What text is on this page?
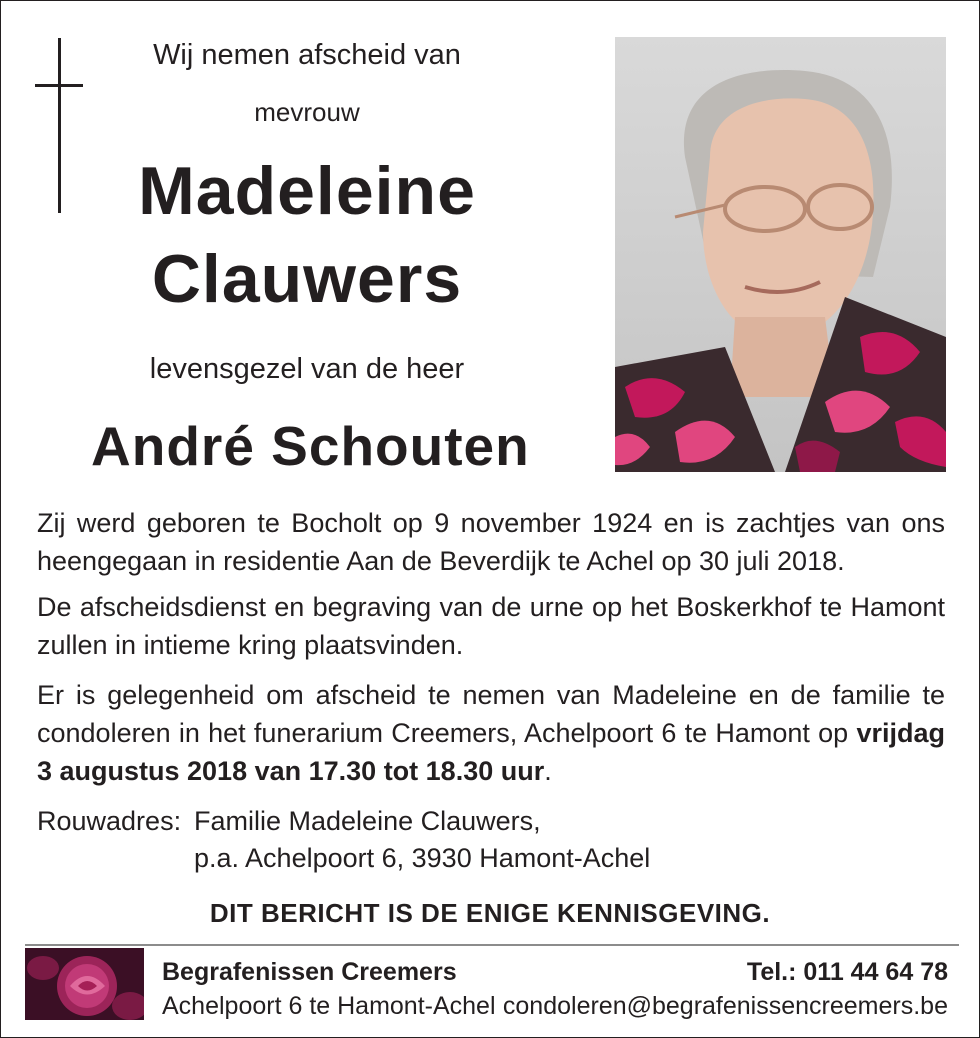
Wij nemen afscheid van
mevrouw
Madeleine
Clauwers
levensgezel van de heer
André Schouten
Zij werd geboren te Bocholt op 9 november 1924 en is zachtjes van ons heengegaan in residentie Aan de Beverdijk te Achel op 30 juli 2018.
De afscheidsdienst en begraving van de urne op het Boskerkhof te Hamont zullen in intieme kring plaatsvinden.
Er is gelegenheid om afscheid te nemen van Madeleine en de familie te condoleren in het funerarium Creemers, Achelpoort 6 te Hamont op vrijdag 3 augustus 2018 van 17.30 tot 18.30 uur.
Rouwadres: Familie Madeleine Clauwers,
p.a. Achelpoort 6, 3930 Hamont-Achel
DIT BERICHT IS DE ENIGE KENNISGEVING.
Begrafenissen Creemers
Achelpoort 6 te Hamont-Achel
Tel.: 011 44 64 78
condoleren@begrafenissencreemers.be
